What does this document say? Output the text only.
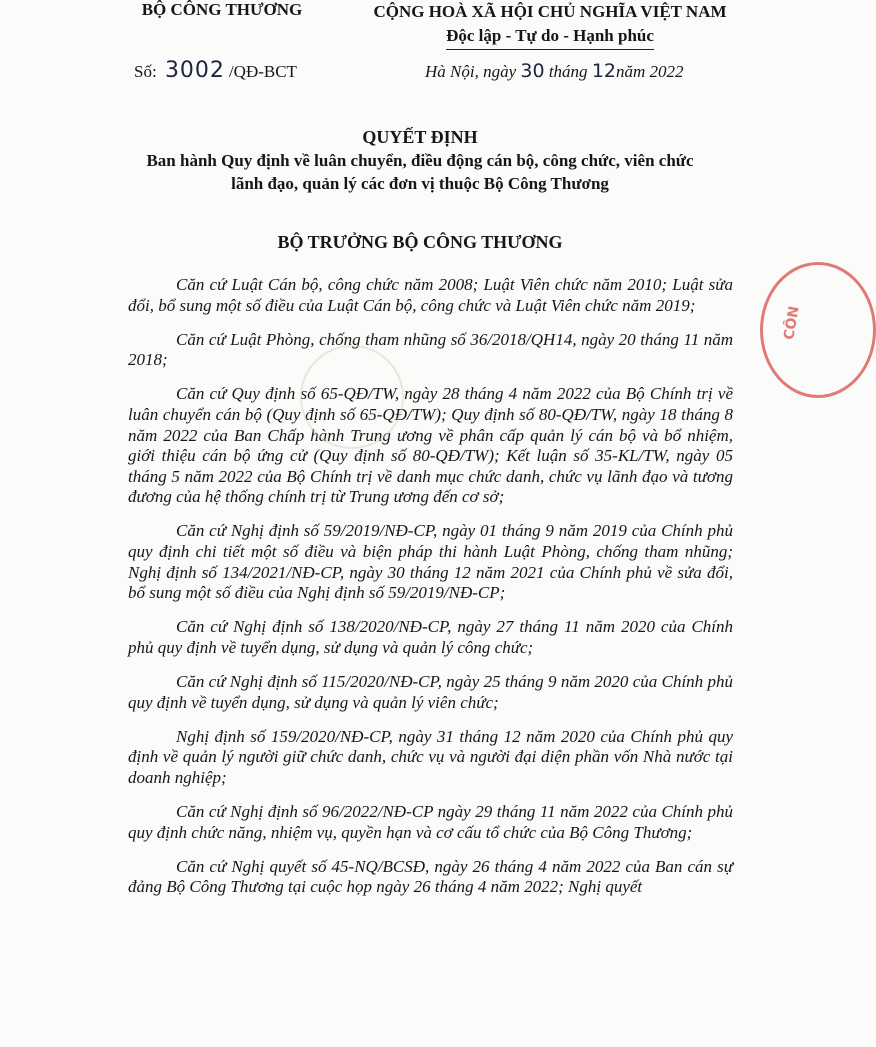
BỘ CÔNG THƯƠNG	CỘNG HOÀ XÃ HỘI CHỦ NGHĨA VIỆT NAM
Độc lập - Tự do - Hạnh phúc
Số: 3002 /QĐ-BCT	Hà Nội, ngày 30 tháng 12năm 2022
QUYẾT ĐỊNH
Ban hành Quy định về luân chuyển, điều động cán bộ, công chức, viên chức
lãnh đạo, quản lý các đơn vị thuộc Bộ Công Thương
BỘ TRƯỞNG BỘ CÔNG THƯƠNG

Căn cứ Luật Cán bộ, công chức năm 2008; Luật Viên chức năm 2010; Luật sửa đổi, bổ sung một số điều của Luật Cán bộ, công chức và Luật Viên chức năm 2019;

Căn cứ Luật Phòng, chống tham nhũng số 36/2018/QH14, ngày 20 tháng 11 năm 2018;

Căn cứ Quy định số 65-QĐ/TW, ngày 28 tháng 4 năm 2022 của Bộ Chính trị về luân chuyển cán bộ (Quy định số 65-QĐ/TW); Quy định số 80-QĐ/TW, ngày 18 tháng 8 năm 2022 của Ban Chấp hành Trung ương về phân cấp quản lý cán bộ và bổ nhiệm, giới thiệu cán bộ ứng cử (Quy định số 80-QĐ/TW); Kết luận số 35-KL/TW, ngày 05 tháng 5 năm 2022 của Bộ Chính trị về danh mục chức danh, chức vụ lãnh đạo và tương đương của hệ thống chính trị từ Trung ương đến cơ sở;

Căn cứ Nghị định số 59/2019/NĐ-CP, ngày 01 tháng 9 năm 2019 của Chính phủ quy định chi tiết một số điều và biện pháp thi hành Luật Phòng, chống tham nhũng; Nghị định số 134/2021/NĐ-CP, ngày 30 tháng 12 năm 2021 của Chính phủ về sửa đổi, bổ sung một số điều của Nghị định số 59/2019/NĐ-CP;

Căn cứ Nghị định số 138/2020/NĐ-CP, ngày 27 tháng 11 năm 2020 của Chính phủ quy định về tuyển dụng, sử dụng và quản lý công chức;

Căn cứ Nghị định số 115/2020/NĐ-CP, ngày 25 tháng 9 năm 2020 của Chính phủ quy định về tuyển dụng, sử dụng và quản lý viên chức;

Nghị định số 159/2020/NĐ-CP, ngày 31 tháng 12 năm 2020 của Chính phủ quy định về quản lý người giữ chức danh, chức vụ và người đại diện phần vốn Nhà nước tại doanh nghiệp;

Căn cứ Nghị định số 96/2022/NĐ-CP ngày 29 tháng 11 năm 2022 của Chính phủ quy định chức năng, nhiệm vụ, quyền hạn và cơ cấu tổ chức của Bộ Công Thương;

Căn cứ Nghị quyết số 45-NQ/BCSĐ, ngày 26 tháng 4 năm 2022 của Ban cán sự đảng Bộ Công Thương tại cuộc họp ngày 26 tháng 4 năm 2022; Nghị quyết

CÔN
